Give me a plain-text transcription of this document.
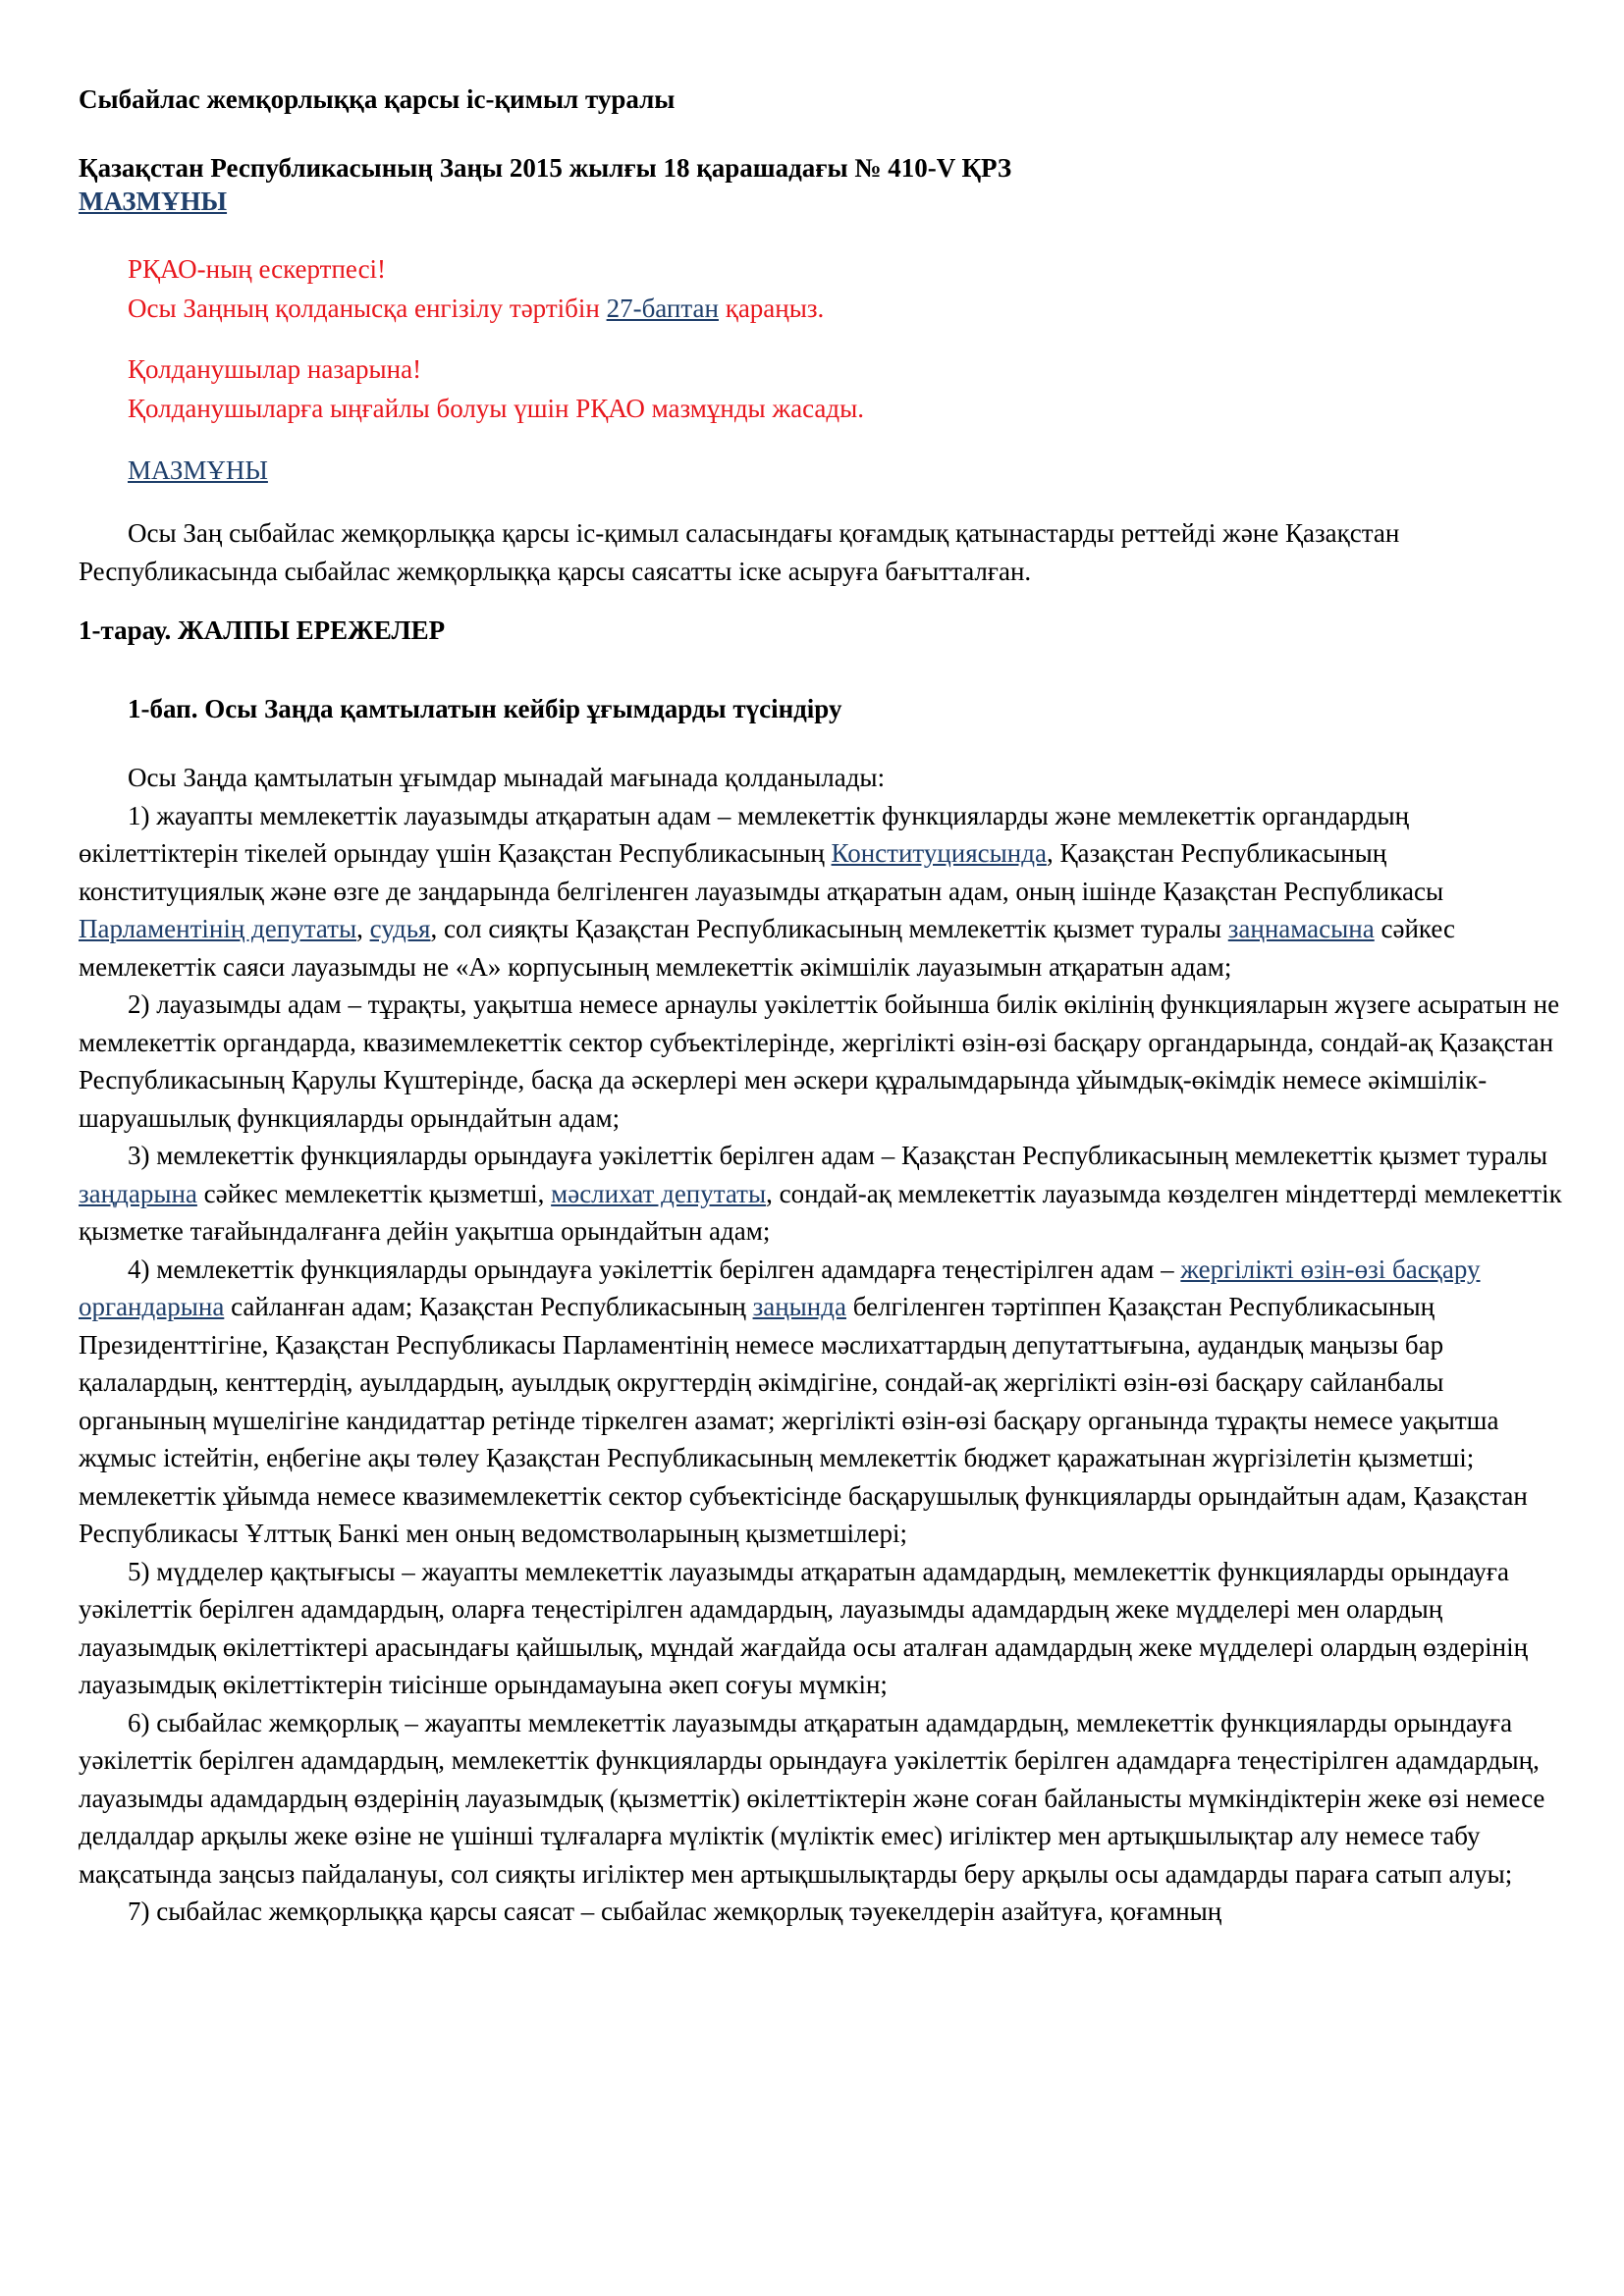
Сыбайлас жемқорлыққа қарсы іс-қимыл туралы
Қазақстан Республикасының Заңы 2015 жылғы 18 қарашадағы № 410-V ҚРЗ
МАЗМҰНЫ
РҚАО-ның ескертпесі!
Осы Заңның қолданысқа енгізілу тәртібін 27-баптан қараңыз.
Қолданушылар назарына!
Қолданушыларға ыңғайлы болуы үшін РҚАО мазмұнды жасады.
МАЗМҰНЫ

Осы Заң сыбайлас жемқорлыққа қарсы іс-қимыл саласындағы қоғамдық қатынастарды реттейді және Қазақстан Республикасында сыбайлас жемқорлыққа қарсы саясатты іске асыруға бағытталған.

1-тарау. ЖАЛПЫ ЕРЕЖЕЛЕР
1-бап. Осы Заңда қамтылатын кейбір ұғымдарды түсіндіру

Осы Заңда қамтылатын ұғымдар мынадай мағынада қолданылады:

1) жауапты мемлекеттік лауазымды атқаратын адам – мемлекеттік функцияларды және мемлекеттік органдардың өкілеттіктерін тікелей орындау үшін Қазақстан Республикасының Конституциясында, Қазақстан Республикасының конституциялық және өзге де заңдарында белгіленген лауазымды атқаратын адам, оның ішінде Қазақстан Республикасы Парламентінің депутаты, судья, сол сияқты Қазақстан Республикасының мемлекеттік қызмет туралы заңнамасына сәйкес мемлекеттік саяси лауазымды не «А» корпусының мемлекеттік әкімшілік лауазымын атқаратын адам;

2) лауазымды адам – тұрақты, уақытша немесе арнаулы уәкілеттік бойынша билік өкілінің функцияларын жүзеге асыратын не мемлекеттік органдарда, квазимемлекеттік сектор субъектілерінде, жергілікті өзін-өзі басқару органдарында, сондай-ақ Қазақстан Республикасының Қарулы Күштерінде, басқа да әскерлері мен әскери құралымдарында ұйымдық-өкімдік немесе әкімшілік-шаруашылық функцияларды орындайтын адам;

3) мемлекеттік функцияларды орындауға уәкілеттік берілген адам – Қазақстан Республикасының мемлекеттік қызмет туралы заңдарына сәйкес мемлекеттік қызметші, мәслихат депутаты, сондай-ақ мемлекеттік лауазымда көзделген міндеттерді мемлекеттік қызметке тағайындалғанға дейін уақытша орындайтын адам;

4) мемлекеттік функцияларды орындауға уәкілеттік берілген адамдарға теңестірілген адам – жергілікті өзін-өзі басқару органдарына сайланған адам; Қазақстан Республикасының заңында белгіленген тәртіппен Қазақстан Республикасының Президенттігіне, Қазақстан Республикасы Парламентінің немесе мәслихаттардың депутаттығына, аудандық маңызы бар қалалардың, кенттердің, ауылдардың, ауылдық округтердің әкімдігіне, сондай-ақ жергілікті өзін-өзі басқару сайланбалы органының мүшелігіне кандидаттар ретінде тіркелген азамат; жергілікті өзін-өзі басқару органында тұрақты немесе уақытша жұмыс істейтін, еңбегіне ақы төлеу Қазақстан Республикасының мемлекеттік бюджет қаражатынан жүргізілетін қызметші; мемлекеттік ұйымда немесе квазимемлекеттік сектор субъектісінде басқарушылық функцияларды орындайтын адам, Қазақстан Республикасы Ұлттық Банкі мен оның ведомстволарының қызметшілері;

5) мүдделер қақтығысы – жауапты мемлекеттік лауазымды атқаратын адамдардың, мемлекеттік функцияларды орындауға уәкілеттік берілген адамдардың, оларға теңестірілген адамдардың, лауазымды адамдардың жеке мүдделері мен олардың лауазымдық өкілеттіктері арасындағы қайшылық, мұндай жағдайда осы аталған адамдардың жеке мүдделері олардың өздерінің лауазымдық өкілеттіктерін тиісінше орындамауына әкеп соғуы мүмкін;

6) сыбайлас жемқорлық – жауапты мемлекеттік лауазымды атқаратын адамдардың, мемлекеттік функцияларды орындауға уәкілеттік берілген адамдардың, мемлекеттік функцияларды орындауға уәкілеттік берілген адамдарға теңестірілген адамдардың, лауазымды адамдардың өздерінің лауазымдық (қызметтік) өкілеттіктерін және соған байланысты мүмкіндіктерін жеке өзі немесе делдалдар арқылы жеке өзіне не үшінші тұлғаларға мүліктік (мүліктік емес) игіліктер мен артықшылықтар алу немесе табу мақсатында заңсыз пайдалануы, сол сияқты игіліктер мен артықшылықтарды беру арқылы осы адамдарды параға сатып алуы;

7) сыбайлас жемқорлыққа қарсы саясат – сыбайлас жемқорлық тәуекелдерін азайтуға, қоғамның
